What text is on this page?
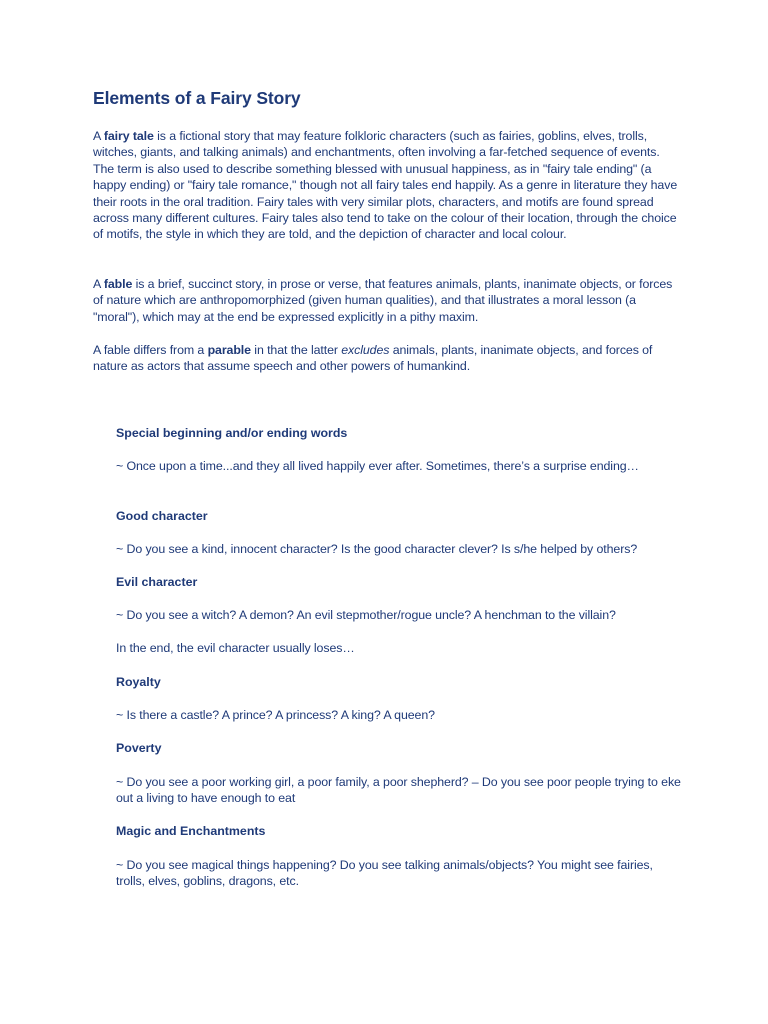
Elements of a Fairy Story

A fairy tale is a fictional story that may feature folkloric characters (such as fairies, goblins, elves, trolls, witches, giants, and talking animals) and enchantments, often involving a far-fetched sequence of events. The term is also used to describe something blessed with unusual happiness, as in "fairy tale ending" (a happy ending) or "fairy tale romance," though not all fairy tales end happily. As a genre in literature they have their roots in the oral tradition. Fairy tales with very similar plots, characters, and motifs are found spread across many different cultures. Fairy tales also tend to take on the colour of their location, through the choice of motifs, the style in which they are told, and the depiction of character and local colour.

A fable is a brief, succinct story, in prose or verse, that features animals, plants, inanimate objects, or forces of nature which are anthropomorphized (given human qualities), and that illustrates a moral lesson (a "moral"), which may at the end be expressed explicitly in a pithy maxim.

A fable differs from a parable in that the latter excludes animals, plants, inanimate objects, and forces of nature as actors that assume speech and other powers of humankind.

Special beginning and/or ending words

~ Once upon a time...and they all lived happily ever after. Sometimes, there’s a surprise ending…

Good character

~ Do you see a kind, innocent character? Is the good character clever? Is s/he helped by others?

Evil character

~ Do you see a witch? A demon? An evil stepmother/rogue uncle? A henchman to the villain?

In the end, the evil character usually loses…

Royalty

~ Is there a castle? A prince? A princess? A king? A queen?

Poverty

~ Do you see a poor working girl, a poor family, a poor shepherd? – Do you see poor people trying to eke out a living to have enough to eat

Magic and Enchantments

~ Do you see magical things happening? Do you see talking animals/objects? You might see fairies, trolls, elves, goblins, dragons, etc.
